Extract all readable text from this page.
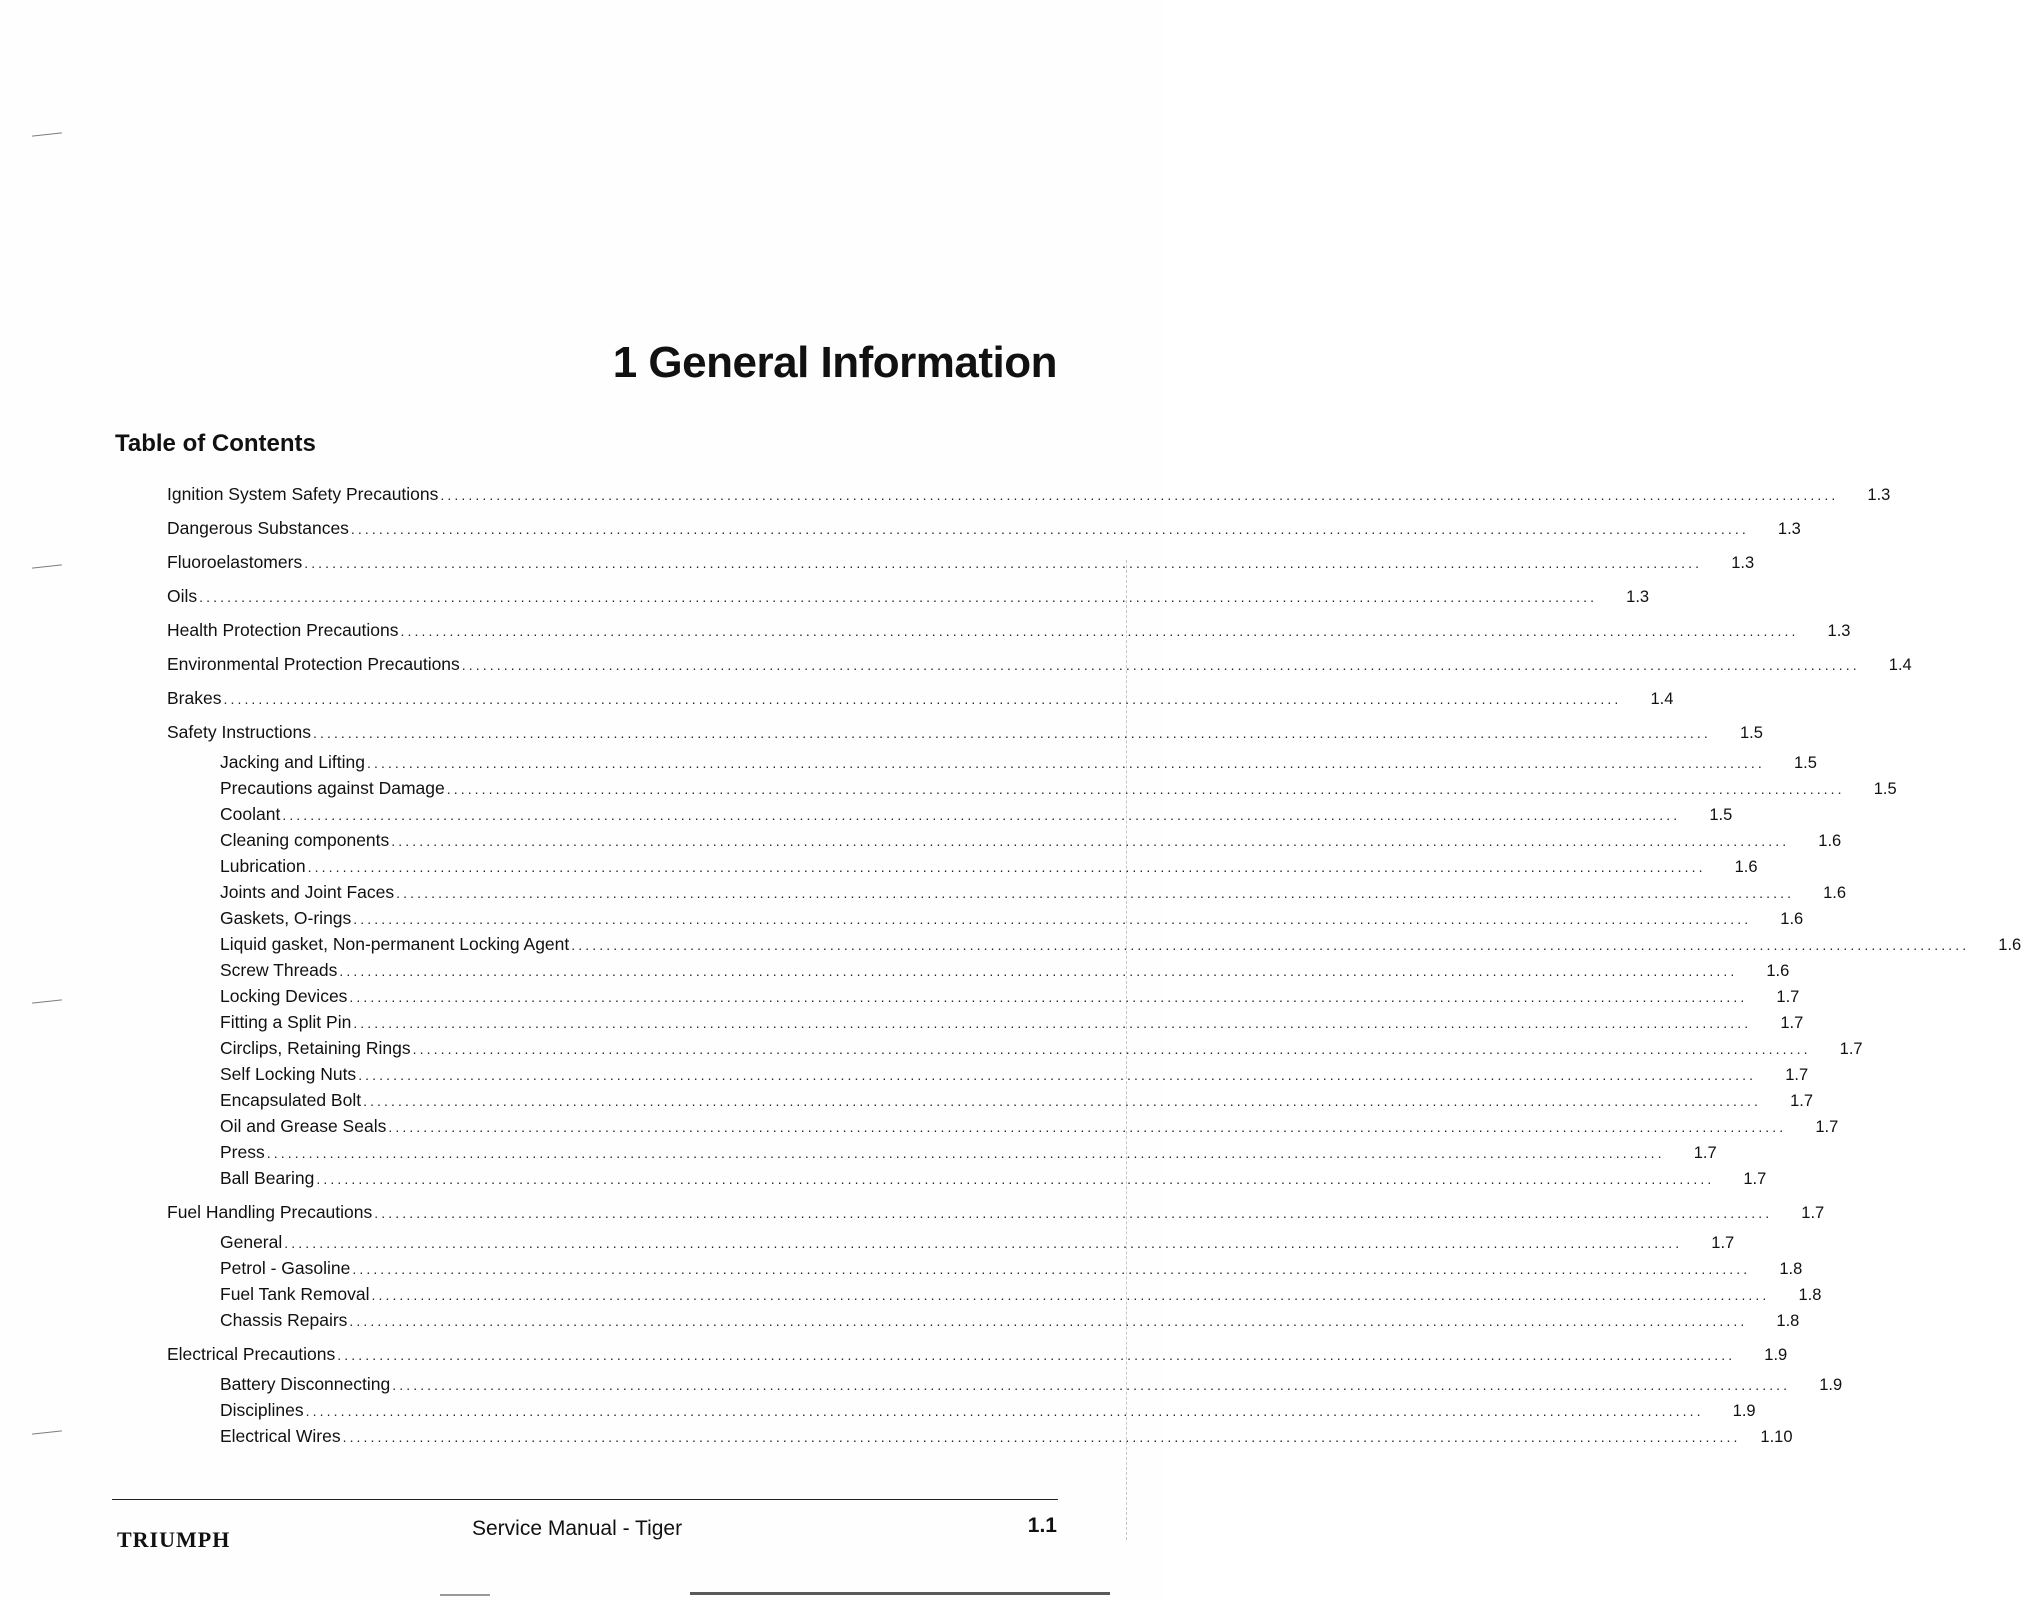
1 General Information
Table of Contents
Ignition System Safety Precautions ........................................................................................................................................................................................................	1.3
Dangerous Substances ........................................................................................................................................................................................................	1.3
Fluoroelastomers ........................................................................................................................................................................................................	1.3
Oils ........................................................................................................................................................................................................	1.3
Health Protection Precautions ........................................................................................................................................................................................................	1.3
Environmental Protection Precautions ........................................................................................................................................................................................................	1.4
Brakes ........................................................................................................................................................................................................	1.4
Safety Instructions ........................................................................................................................................................................................................	1.5
Jacking and Lifting ........................................................................................................................................................................................................	1.5
Precautions against Damage ........................................................................................................................................................................................................	1.5
Coolant ........................................................................................................................................................................................................	1.5
Cleaning components ........................................................................................................................................................................................................	1.6
Lubrication ........................................................................................................................................................................................................	1.6
Joints and Joint Faces ........................................................................................................................................................................................................	1.6
Gaskets, O-rings ........................................................................................................................................................................................................	1.6
Liquid gasket, Non-permanent Locking Agent ........................................................................................................................................................................................................	1.6
Screw Threads ........................................................................................................................................................................................................	1.6
Locking Devices ........................................................................................................................................................................................................	1.7
Fitting a Split Pin ........................................................................................................................................................................................................	1.7
Circlips, Retaining Rings ........................................................................................................................................................................................................	1.7
Self Locking Nuts ........................................................................................................................................................................................................	1.7
Encapsulated Bolt ........................................................................................................................................................................................................	1.7
Oil and Grease Seals ........................................................................................................................................................................................................	1.7
Press ........................................................................................................................................................................................................	1.7
Ball Bearing ........................................................................................................................................................................................................	1.7
Fuel Handling Precautions ........................................................................................................................................................................................................	1.7
General ........................................................................................................................................................................................................	1.7
Petrol - Gasoline ........................................................................................................................................................................................................	1.8
Fuel Tank Removal ........................................................................................................................................................................................................	1.8
Chassis Repairs ........................................................................................................................................................................................................	1.8
Electrical Precautions ........................................................................................................................................................................................................	1.9
Battery Disconnecting ........................................................................................................................................................................................................	1.9
Disciplines ........................................................................................................................................................................................................	1.9
Electrical Wires ........................................................................................................................................................................................................	1.10
TRIUMPH	Service Manual - Tiger	1.1
